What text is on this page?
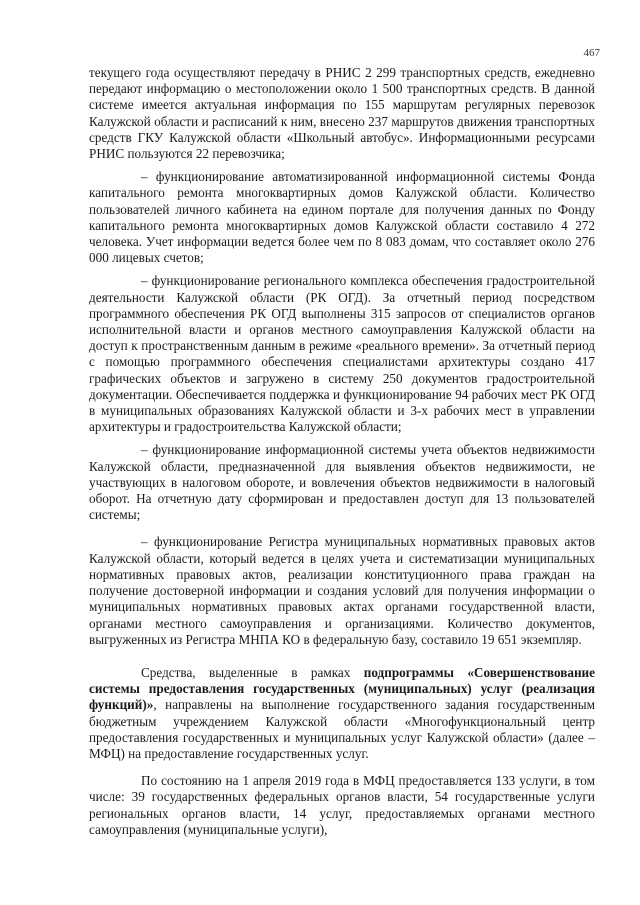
467

текущего года осуществляют передачу в РНИС 2 299 транспортных средств, ежедневно передают информацию о местоположении около 1 500 транспортных средств. В данной системе имеется актуальная информация по 155 маршрутам регулярных перевозок Калужской области и расписаний к ним, внесено 237 маршрутов движения транспортных средств ГКУ Калужской области «Школьный автобус». Информационными ресурсами РНИС пользуются 22 перевозчика;

– функционирование автоматизированной информационной системы Фонда капитального ремонта многоквартирных домов Калужской области. Количество пользователей личного кабинета на едином портале для получения данных по Фонду капитального ремонта многоквартирных домов Калужской области составило 4 272 человека. Учет информации ведется более чем по 8 083 домам, что составляет около 276 000 лицевых счетов;

– функционирование регионального комплекса обеспечения градостроительной деятельности Калужской области (РК ОГД). За отчетный период посредством программного обеспечения РК ОГД выполнены 315 запросов от специалистов органов исполнительной власти и органов местного самоуправления Калужской области на доступ к пространственным данным в режиме «реального времени». За отчетный период с помощью программного обеспечения специалистами архитектуры создано 417 графических объектов и загружено в систему 250 документов градостроительной документации. Обеспечивается поддержка и функционирование 94 рабочих мест РК ОГД в муниципальных образованиях Калужской области и 3-х рабочих мест в управлении архитектуры и градостроительства Калужской области;

– функционирование информационной системы учета объектов недвижимости Калужской области, предназначенной для выявления объектов недвижимости, не участвующих в налоговом обороте, и вовлечения объектов недвижимости в налоговый оборот. На отчетную дату сформирован и предоставлен доступ для 13 пользователей системы;

– функционирование Регистра муниципальных нормативных правовых актов Калужской области, который ведется в целях учета и систематизации муниципальных нормативных правовых актов, реализации конституционного права граждан на получение достоверной информации и создания условий для получения информации о муниципальных нормативных правовых актах органами государственной власти, органами местного самоуправления и организациями. Количество документов, выгруженных из Регистра МНПА КО в федеральную базу, составило 19 651 экземпляр.

Средства, выделенные в рамках подпрограммы «Совершенствование системы предоставления государственных (муниципальных) услуг (реализация функций)», направлены на выполнение государственного задания государственным бюджетным учреждением Калужской области «Многофункциональный центр предоставления государственных и муниципальных услуг Калужской области» (далее – МФЦ) на предоставление государственных услуг.

По состоянию на 1 апреля 2019 года в МФЦ предоставляется 133 услуги, в том числе: 39 государственных федеральных органов власти, 54 государственные услуги региональных органов власти, 14 услуг, предоставляемых органами местного самоуправления (муниципальные услуги),
